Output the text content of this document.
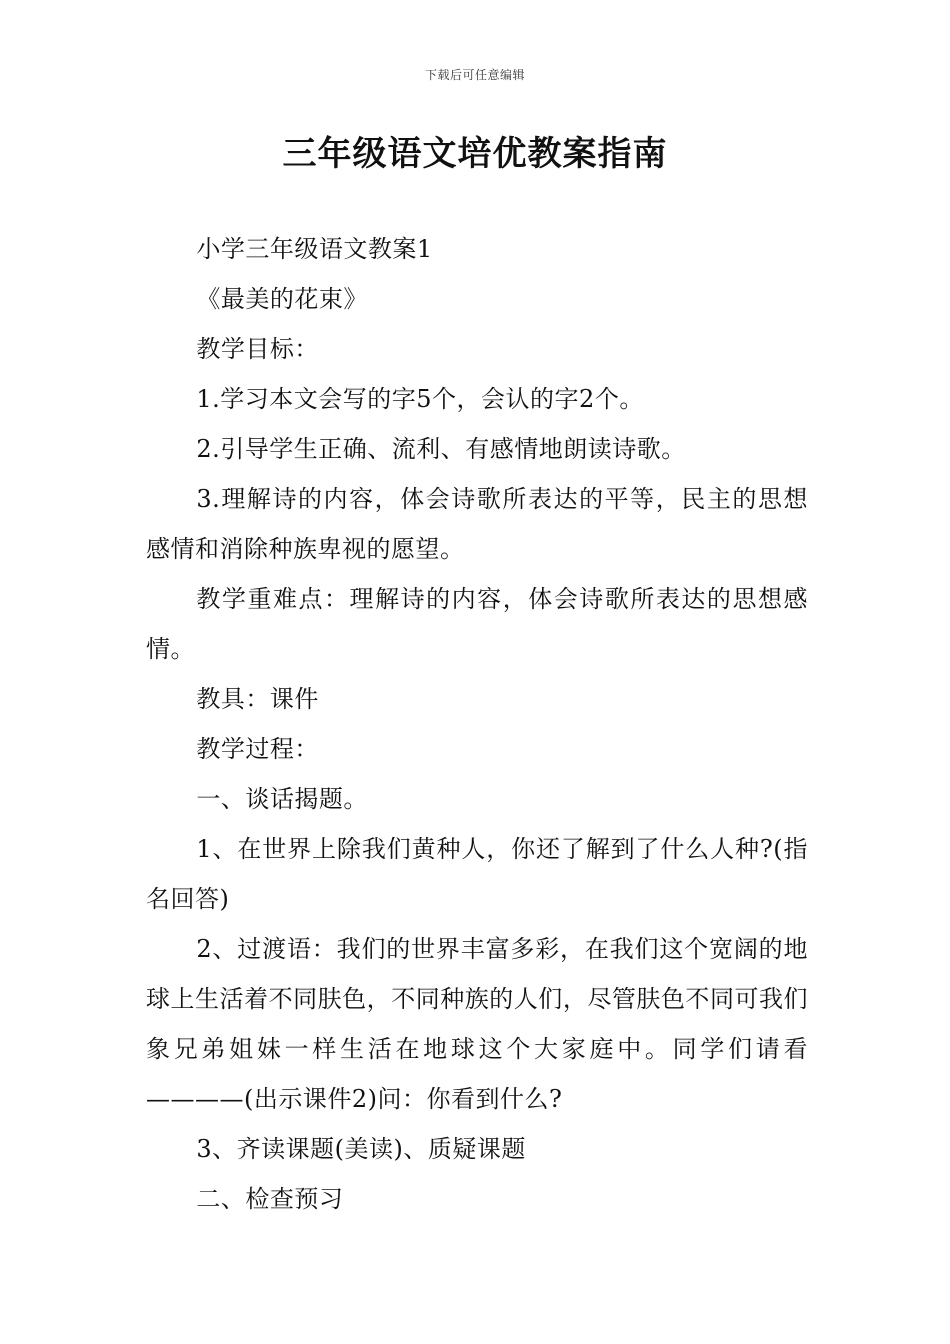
下载后可任意编辑
三年级语文培优教案指南

小学三年级语文教案1

《最美的花束》

教学目标：

1.学习本文会写的字5个，会认的字2个。

2.引导学生正确、流利、有感情地朗读诗歌。

3.理解诗的内容，体会诗歌所表达的平等，民主的思想感情和消除种族卑视的愿望。

教学重难点：理解诗的内容，体会诗歌所表达的思想感情。

教具：课件

教学过程：

一、谈话揭题。

1、在世界上除我们黄种人，你还了解到了什么人种?(指名回答)

2、过渡语：我们的世界丰富多彩，在我们这个宽阔的地球上生活着不同肤色，不同种族的人们，尽管肤色不同可我们象兄弟姐妹一样生活在地球这个大家庭中。同学们请看————(出示课件2)问：你看到什么?

3、齐读课题(美读)、质疑课题

二、检查预习
